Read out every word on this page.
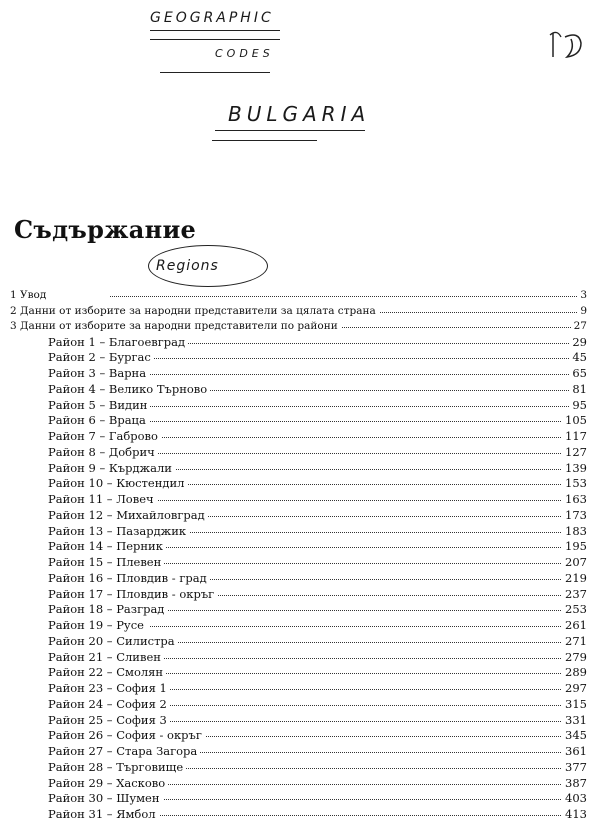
GEOGRAPHIC
CODES
BULGARIA
Regions
Съдържание
1 Увод	3
2 Данни от изборите за народни представители за цялата страна	9
3 Данни от изборите за народни представители по райони	27
Район 1 – Благоевград	29
Район 2 – Бургас	45
Район 3 – Варна	65
Район 4 – Велико Търново	81
Район 5 – Видин	95
Район 6 – Враца	105
Район 7 – Габрово	117
Район 8 – Добрич	127
Район 9 – Кърджали	139
Район 10 – Кюстендил	153
Район 11 – Ловеч	163
Район 12 – Михайловград	173
Район 13 – Пазарджик	183
Район 14 – Перник	195
Район 15 – Плевен	207
Район 16 – Пловдив - град	219
Район 17 – Пловдив - окръг	237
Район 18 – Разград	253
Район 19 – Русе	261
Район 20 – Силистра	271
Район 21 – Сливен	279
Район 22 – Смолян	289
Район 23 – София 1	297
Район 24 – София 2	315
Район 25 – София 3	331
Район 26 – София - окръг	345
Район 27 – Стара Загора	361
Район 28 – Търговище	377
Район 29 – Хасково	387
Район 30 – Шумен	403
Район 31 – Ямбол	413
